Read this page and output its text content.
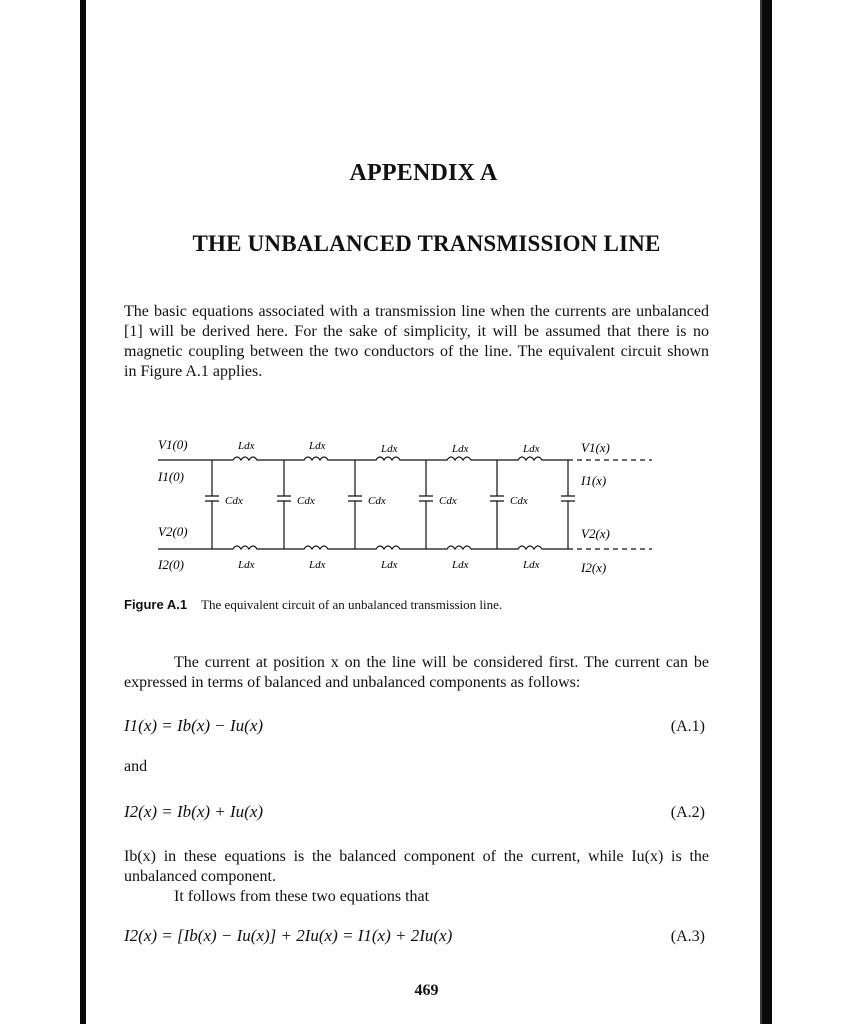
APPENDIX A
THE UNBALANCED TRANSMISSION LINE
The basic equations associated with a transmission line when the currents are unbalanced
[1] will be derived here. For the sake of simplicity, it will be assumed that there is no
magnetic coupling between the two conductors of the line. The equivalent circuit shown
in Figure A.1 applies.
V1(0)
I1(0)
V2(0)
I2(0)
V1(x)
I1(x)
V2(x)
I2(x)
Ldx	Ldx	Ldx	Ldx	Ldx
Ldx	Ldx	Ldx	Ldx	Ldx
Cdx	Cdx	Cdx	Cdx	Cdx
Figure A.1 The equivalent circuit of an unbalanced transmission line.
The current at position x on the line will be considered first. The current can be
expressed in terms of balanced and unbalanced components as follows:
I1(x) = Ib(x) − Iu(x)	(A.1)
and
I2(x) = Ib(x) + Iu(x)	(A.2)
Ib(x) in these equations is the balanced component of the current, while Iu(x) is the
unbalanced component.
It follows from these two equations that
I2(x) = [Ib(x) − Iu(x)] + 2Iu(x) = I1(x) + 2Iu(x)	(A.3)
469
